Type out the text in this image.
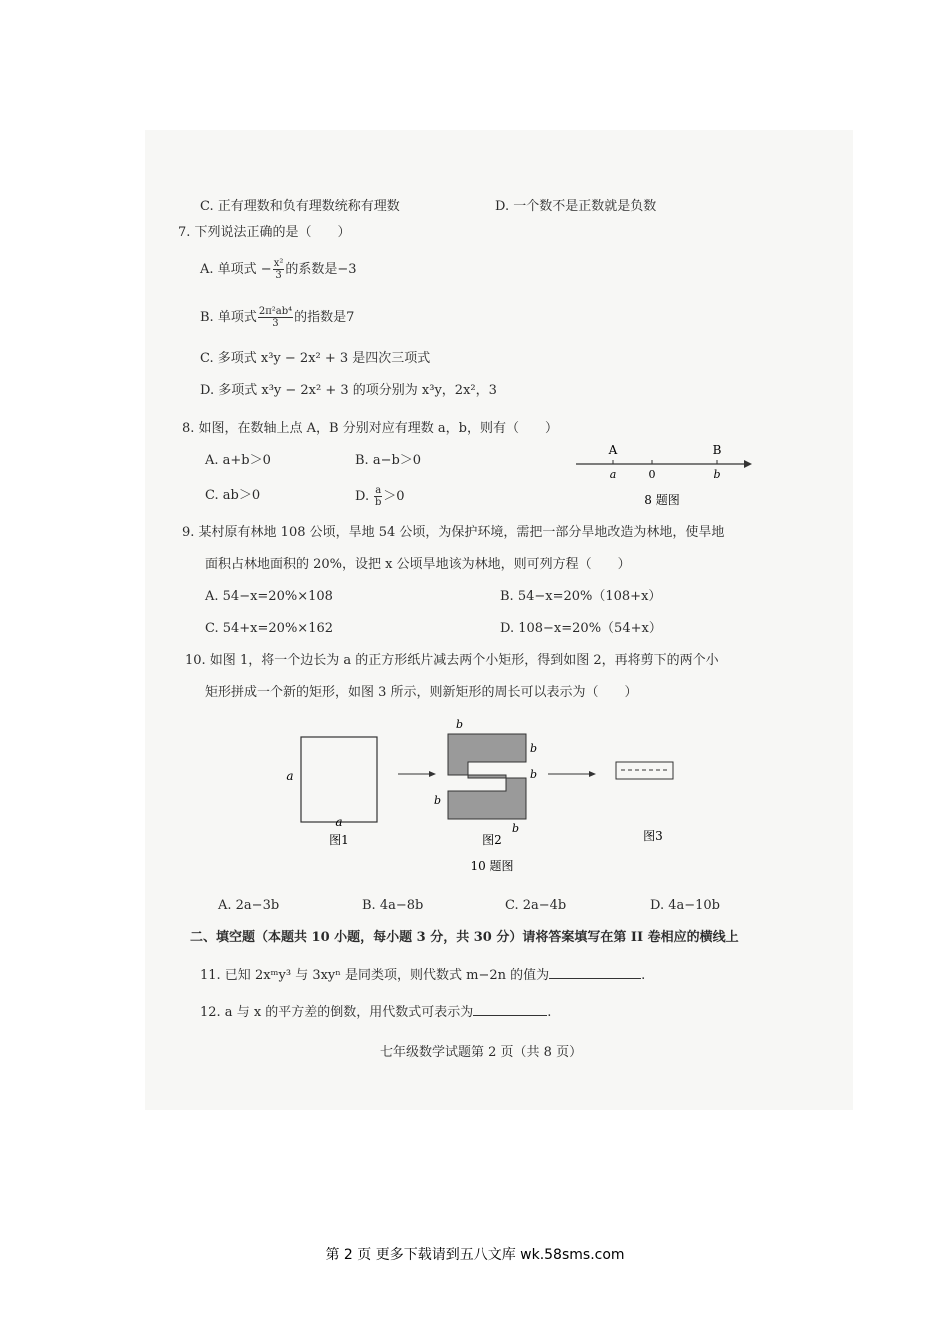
C. 正有理数和负有理数统称有理数	D. 一个数不是正数就是负数
7. 下列说法正确的是（　　）
A. 单项式 − $\frac{\text{x²}}{3}$ 的系数是−3
B. 单项式 $\frac{\text{2π²ab⁴}}{3}$ 的指数是7
C. 多项式 x³y − 2x² + 3 是四次三项式
D. 多项式 x³y − 2x² + 3 的项分别为 x³y，2x²，3
8. 如图，在数轴上点 A，B 分别对应有理数 a，b，则有（　　）
A. a+b＞0	B. a−b＞0
C. ab＞0	D. $\frac{a}{b} >0$
A	B
a	0	b
8 题图
9. 某村原有林地 108 公顷，旱地 54 公顷，为保护环境，需把一部分旱地改造为林地，使旱地
面积占林地面积的 20%，设把 x 公顷旱地该为林地，则可列方程（　　）
A. 54−x=20%×108	B. 54−x=20%（108+x）
C. 54+x=20%×162	D. 108−x=20%（54+x）
10. 如图 1，将一个边长为 a 的正方形纸片减去两个小矩形，得到如图 2，再将剪下的两个小
矩形拼成一个新的矩形，如图 3 所示，则新矩形的周长可以表示为（　　）
a
a
图1
b
b
b
b
b
图2	图3
10 题图
A. 2a−3b	B. 4a−8b	C. 2a−4b	D. 4a−10b
二、填空题（本题共 10 小题，每小题 3 分，共 30 分）请将答案填写在第 II 卷相应的横线上
11. 已知 2xᵐy³ 与 3xyⁿ 是同类项，则代数式 m−2n 的值为	.
12. a 与 x 的平方差的倒数，用代数式可表示为	.
七年级数学试题第 2 页（共 8 页）
第 2 页 更多下载请到五八文库 wk.58sms.com
